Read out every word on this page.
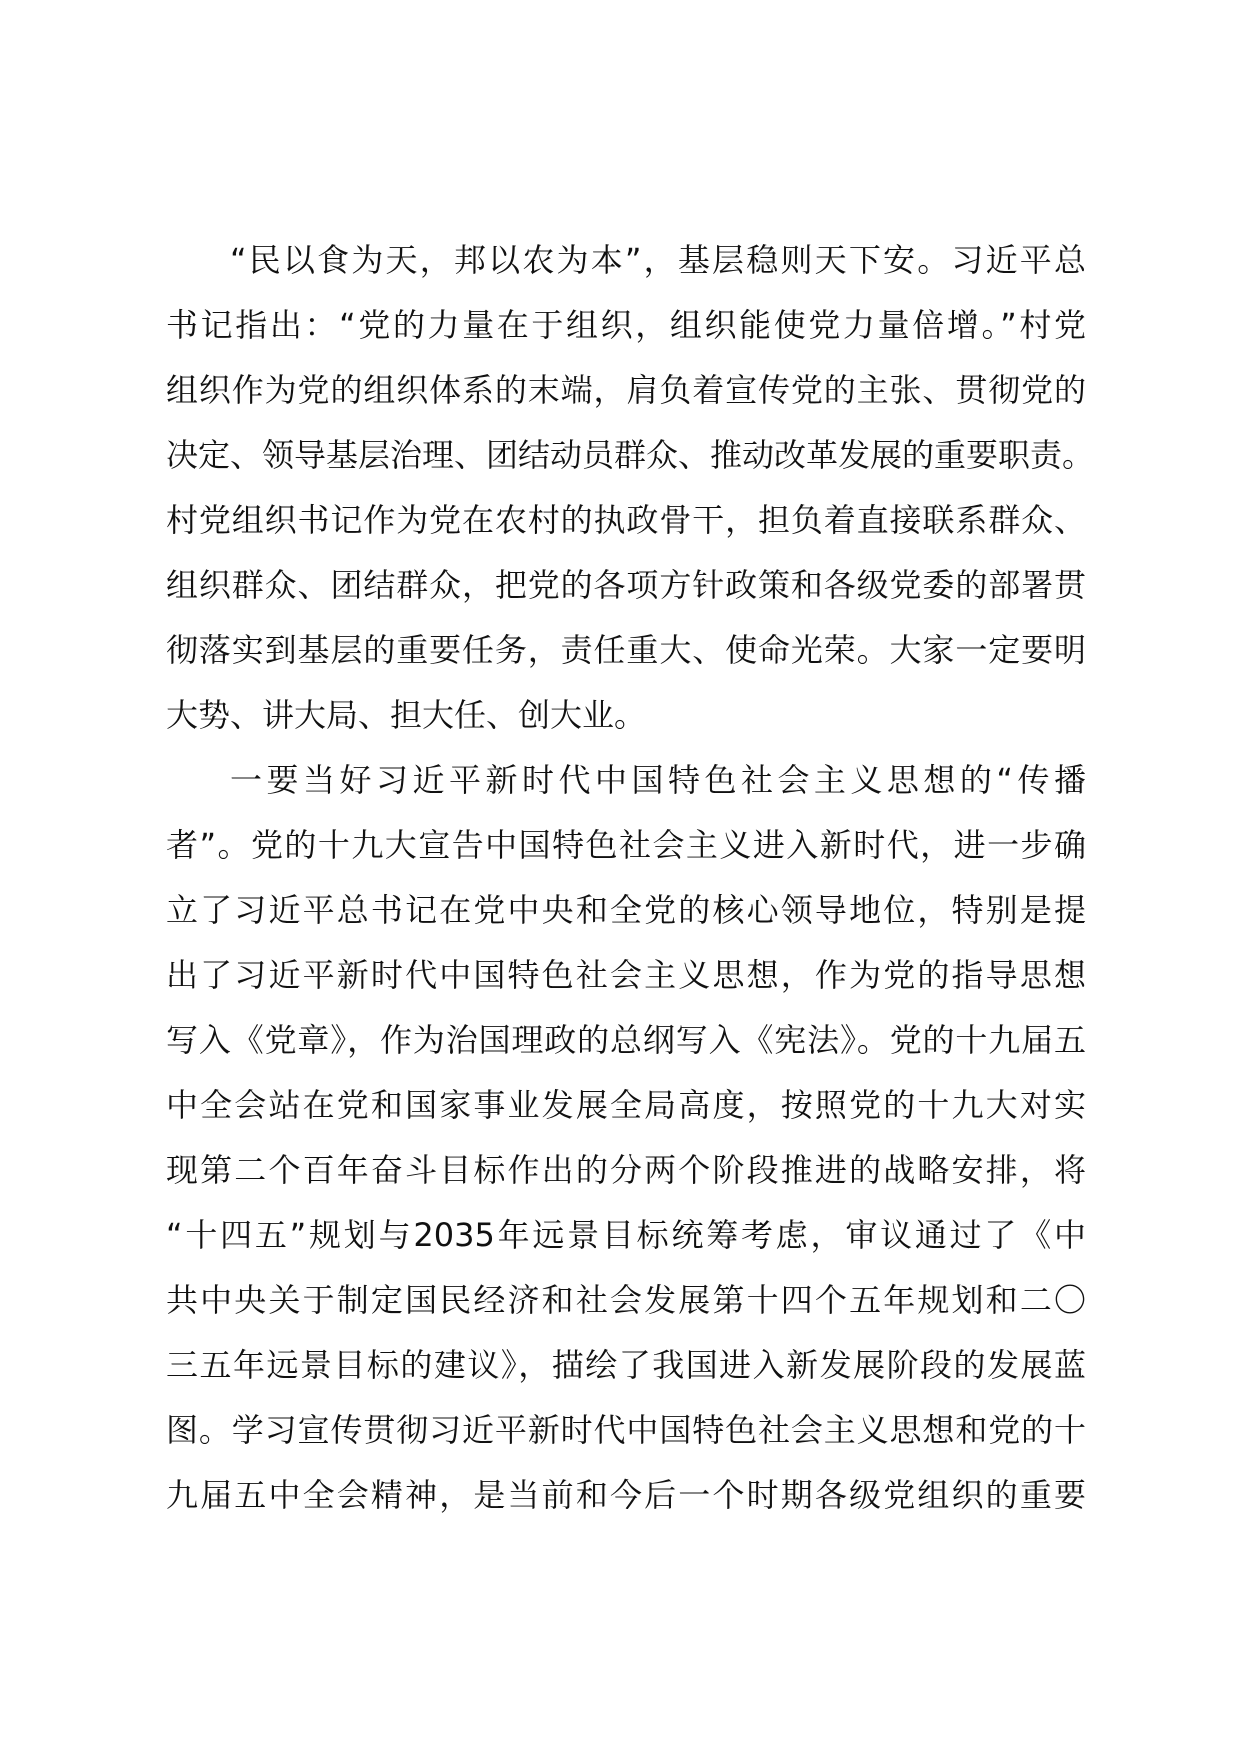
“民以食为天，邦以农为本”，基层稳则天下安。习近平总
书记指出：“党的力量在于组织，组织能使党力量倍增。”村党
组织作为党的组织体系的末端，肩负着宣传党的主张、贯彻党的
决定、领导基层治理、团结动员群众、推动改革发展的重要职责。
村党组织书记作为党在农村的执政骨干，担负着直接联系群众、
组织群众、团结群众，把党的各项方针政策和各级党委的部署贯
彻落实到基层的重要任务，责任重大、使命光荣。大家一定要明
大势、讲大局、担大任、创大业。

一要当好习近平新时代中国特色社会主义思想的“传播
者”。党的十九大宣告中国特色社会主义进入新时代，进一步确
立了习近平总书记在党中央和全党的核心领导地位，特别是提
出了习近平新时代中国特色社会主义思想，作为党的指导思想
写入《党章》，作为治国理政的总纲写入《宪法》。党的十九届五
中全会站在党和国家事业发展全局高度，按照党的十九大对实
现第二个百年奋斗目标作出的分两个阶段推进的战略安排，将
“十四五”规划与2035年远景目标统筹考虑，审议通过了《中
共中央关于制定国民经济和社会发展第十四个五年规划和二〇
三五年远景目标的建议》，描绘了我国进入新发展阶段的发展蓝
图。学习宣传贯彻习近平新时代中国特色社会主义思想和党的十
九届五中全会精神，是当前和今后一个时期各级党组织的重要
